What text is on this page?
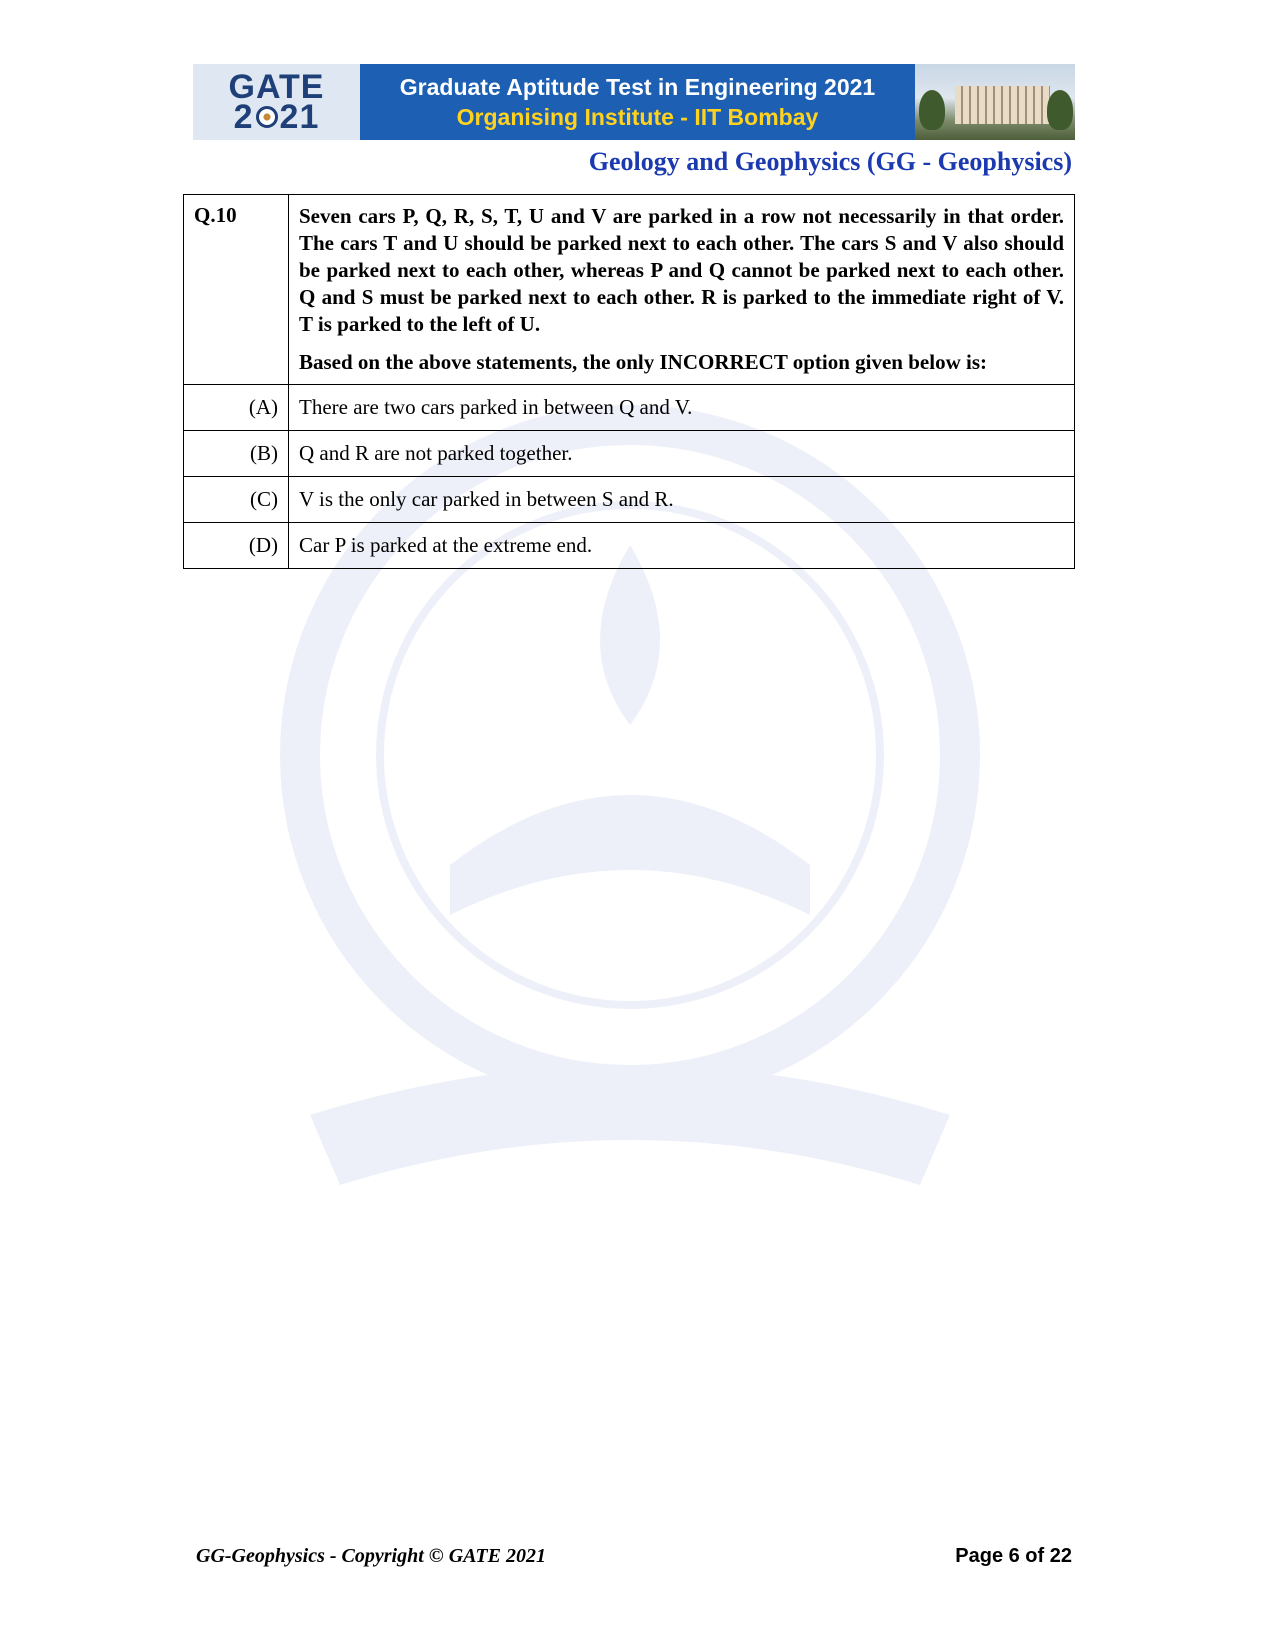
GATE
2 21
Graduate Aptitude Test in Engineering 2021
Organising Institute - IIT Bombay
Geology and Geophysics (GG - Geophysics)
Q.10	Seven cars P, Q, R, S, T, U and V are parked in a row not necessarily in that order. The cars T and U should be parked next to each other. The cars S and V also should be parked next to each other, whereas P and Q cannot be parked next to each other. Q and S must be parked next to each other. R is parked to the immediate right of V. T is parked to the left of U.
Based on the above statements, the only INCORRECT option given below is:

(A)	There are two cars parked in between Q and V.
(B)	Q and R are not parked together.
(C)	V is the only car parked in between S and R.
(D)	Car P is parked at the extreme end.
GG-Geophysics - Copyright © GATE 2021	Page 6 of 22
